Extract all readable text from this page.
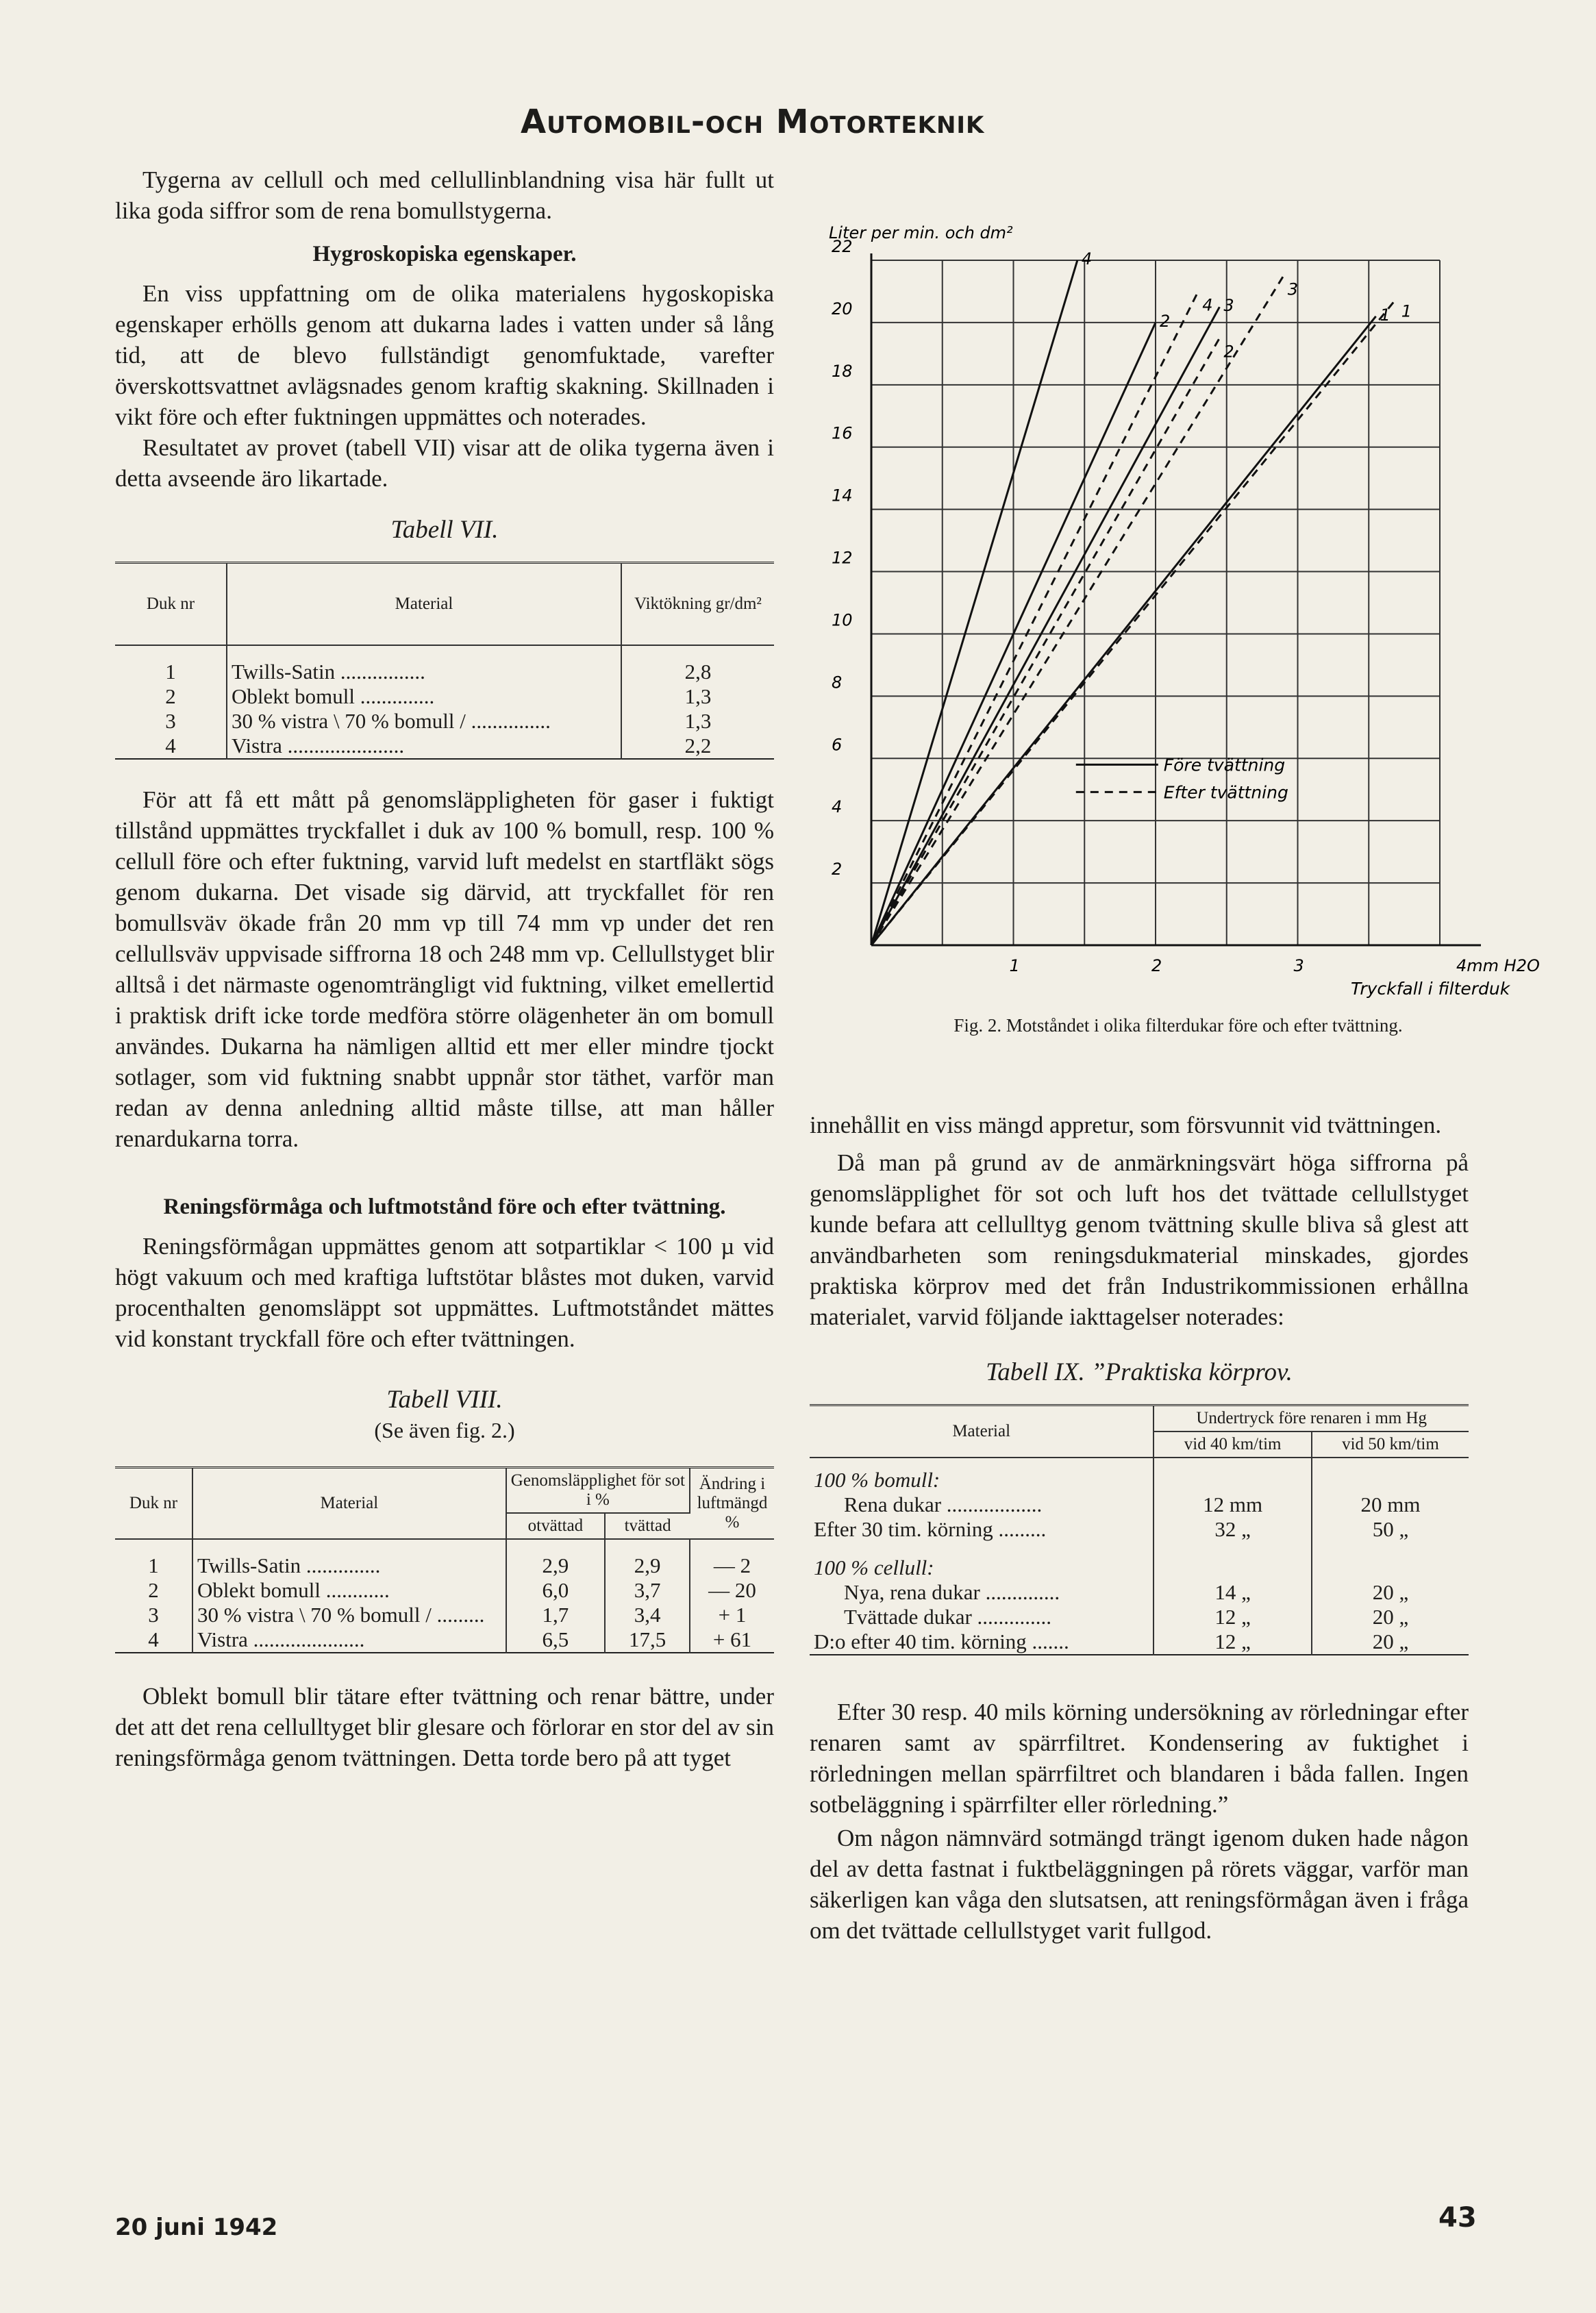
Automobil-och Motorteknik

Tygerna av cellull och med cellullinblandning visa här fullt ut lika goda siffror som de rena bomullstygerna.

Hygroskopiska egenskaper.

En viss uppfattning om de olika materialens hygoskopiska egenskaper erhölls genom att dukarna lades i vatten under så lång tid, att de blevo fullständigt genomfuktade, varefter överskottsvattnet avlägsnades genom kraftig skakning. Skillnaden i vikt före och efter fuktningen uppmättes och noterades.

Resultatet av provet (tabell VII) visar att de olika tygerna även i detta avseende äro likartade.

Tabell VII.

Duk nr	Material	Viktökning gr/dm²
1	Twills-Satin ................	2,8
2	Oblekt bomull ..............	1,3
3	30 % vistra \ 70 % bomull / ...............	1,3
4	Vistra ......................	2,2

För att få ett mått på genomsläppligheten för gaser i fuktigt tillstånd uppmättes tryckfallet i duk av 100 % bomull, resp. 100 % cellull före och efter fuktning, varvid luft medelst en startfläkt sögs genom dukarna. Det visade sig därvid, att tryckfallet för ren bomullsväv ökade från 20 mm vp till 74 mm vp under det ren cellullsväv uppvisade siffrorna 18 och 248 mm vp. Cellullstyget blir alltså i det närmaste ogenomträngligt vid fuktning, vilket emellertid i praktisk drift icke torde medföra större olägenheter än om bomull användes. Dukarna ha nämligen alltid ett mer eller mindre tjockt sotlager, som vid fuktning snabbt uppnår stor täthet, varför man redan av denna anledning alltid måste tillse, att man håller renardukarna torra.

Reningsförmåga och luftmotstånd före och efter tvättning.

Reningsförmågan uppmättes genom att sotpartiklar < 100 µ vid högt vakuum och med kraftiga luftstötar blåstes mot duken, varvid procenthalten genomsläppt sot uppmättes. Luftmotståndet mättes vid konstant tryckfall före och efter tvättningen.

Tabell VIII.

(Se även fig. 2.)

Duk nr	Material	Genomsläpplighet för sot i %		Ändring i luftmängd %
		otvättad	tvättad	
1	Twills-Satin ..............	2,9	2,9	— 2
2	Oblekt bomull ............	6,0	3,7	— 20
3	30 % vistra \ 70 % bomull / .........	1,7	3,4	+ 1
4	Vistra .....................	6,5	17,5	+ 61

Oblekt bomull blir tätare efter tvättning och renar bättre, under det att det rena cellulltyget blir glesare och förlorar en stor del av sin reningsförmåga genom tvättningen. Detta torde bero på att tyget

2
4
6
8
10
12
14
16
18
20
22
1	2	3	4mm H2O
Tryckfall i filterduk
Liter per min. och dm²
4
2
4 3
2
3
1 1
Före tvättning
Efter tvättning
Fig. 2. Motståndet i olika filterdukar före och efter tvättning.

innehållit en viss mängd appretur, som försvunnit vid tvättningen.

Då man på grund av de anmärkningsvärt höga siffrorna på genomsläpplighet för sot och luft hos det tvättade cellullstyget kunde befara att cellulltyg genom tvättning skulle bliva så glest att användbarheten som reningsdukmaterial minskades, gjordes praktiska körprov med det från Industrikommissionen erhållna materialet, varvid följande iakttagelser noterades:

Tabell IX. ”Praktiska körprov.

Material	Undertryck före renaren i mm Hg	
	vid 40 km/tim	vid 50 km/tim
100 % bomull:		
Rena dukar ..................	12 mm	20 mm
Efter 30 tim. körning .........	32 „	50 „
100 % cellull:		
Nya, rena dukar ..............	14 „	20 „
Tvättade dukar ..............	12 „	20 „
D:o efter 40 tim. körning .......	12 „	20 „

Efter 30 resp. 40 mils körning undersökning av rörledningar efter renaren samt av spärrfiltret. Kondensering av fuktighet i rörledningen mellan spärrfiltret och blandaren i båda fallen. Ingen sotbeläggning i spärrfilter eller rörledning.”

Om någon nämnvärd sotmängd trängt igenom duken hade någon del av detta fastnat i fuktbeläggningen på rörets väggar, varför man säkerligen kan våga den slutsatsen, att reningsförmågan även i fråga om det tvättade cellullstyget varit fullgod.

20 juni 1942	43
